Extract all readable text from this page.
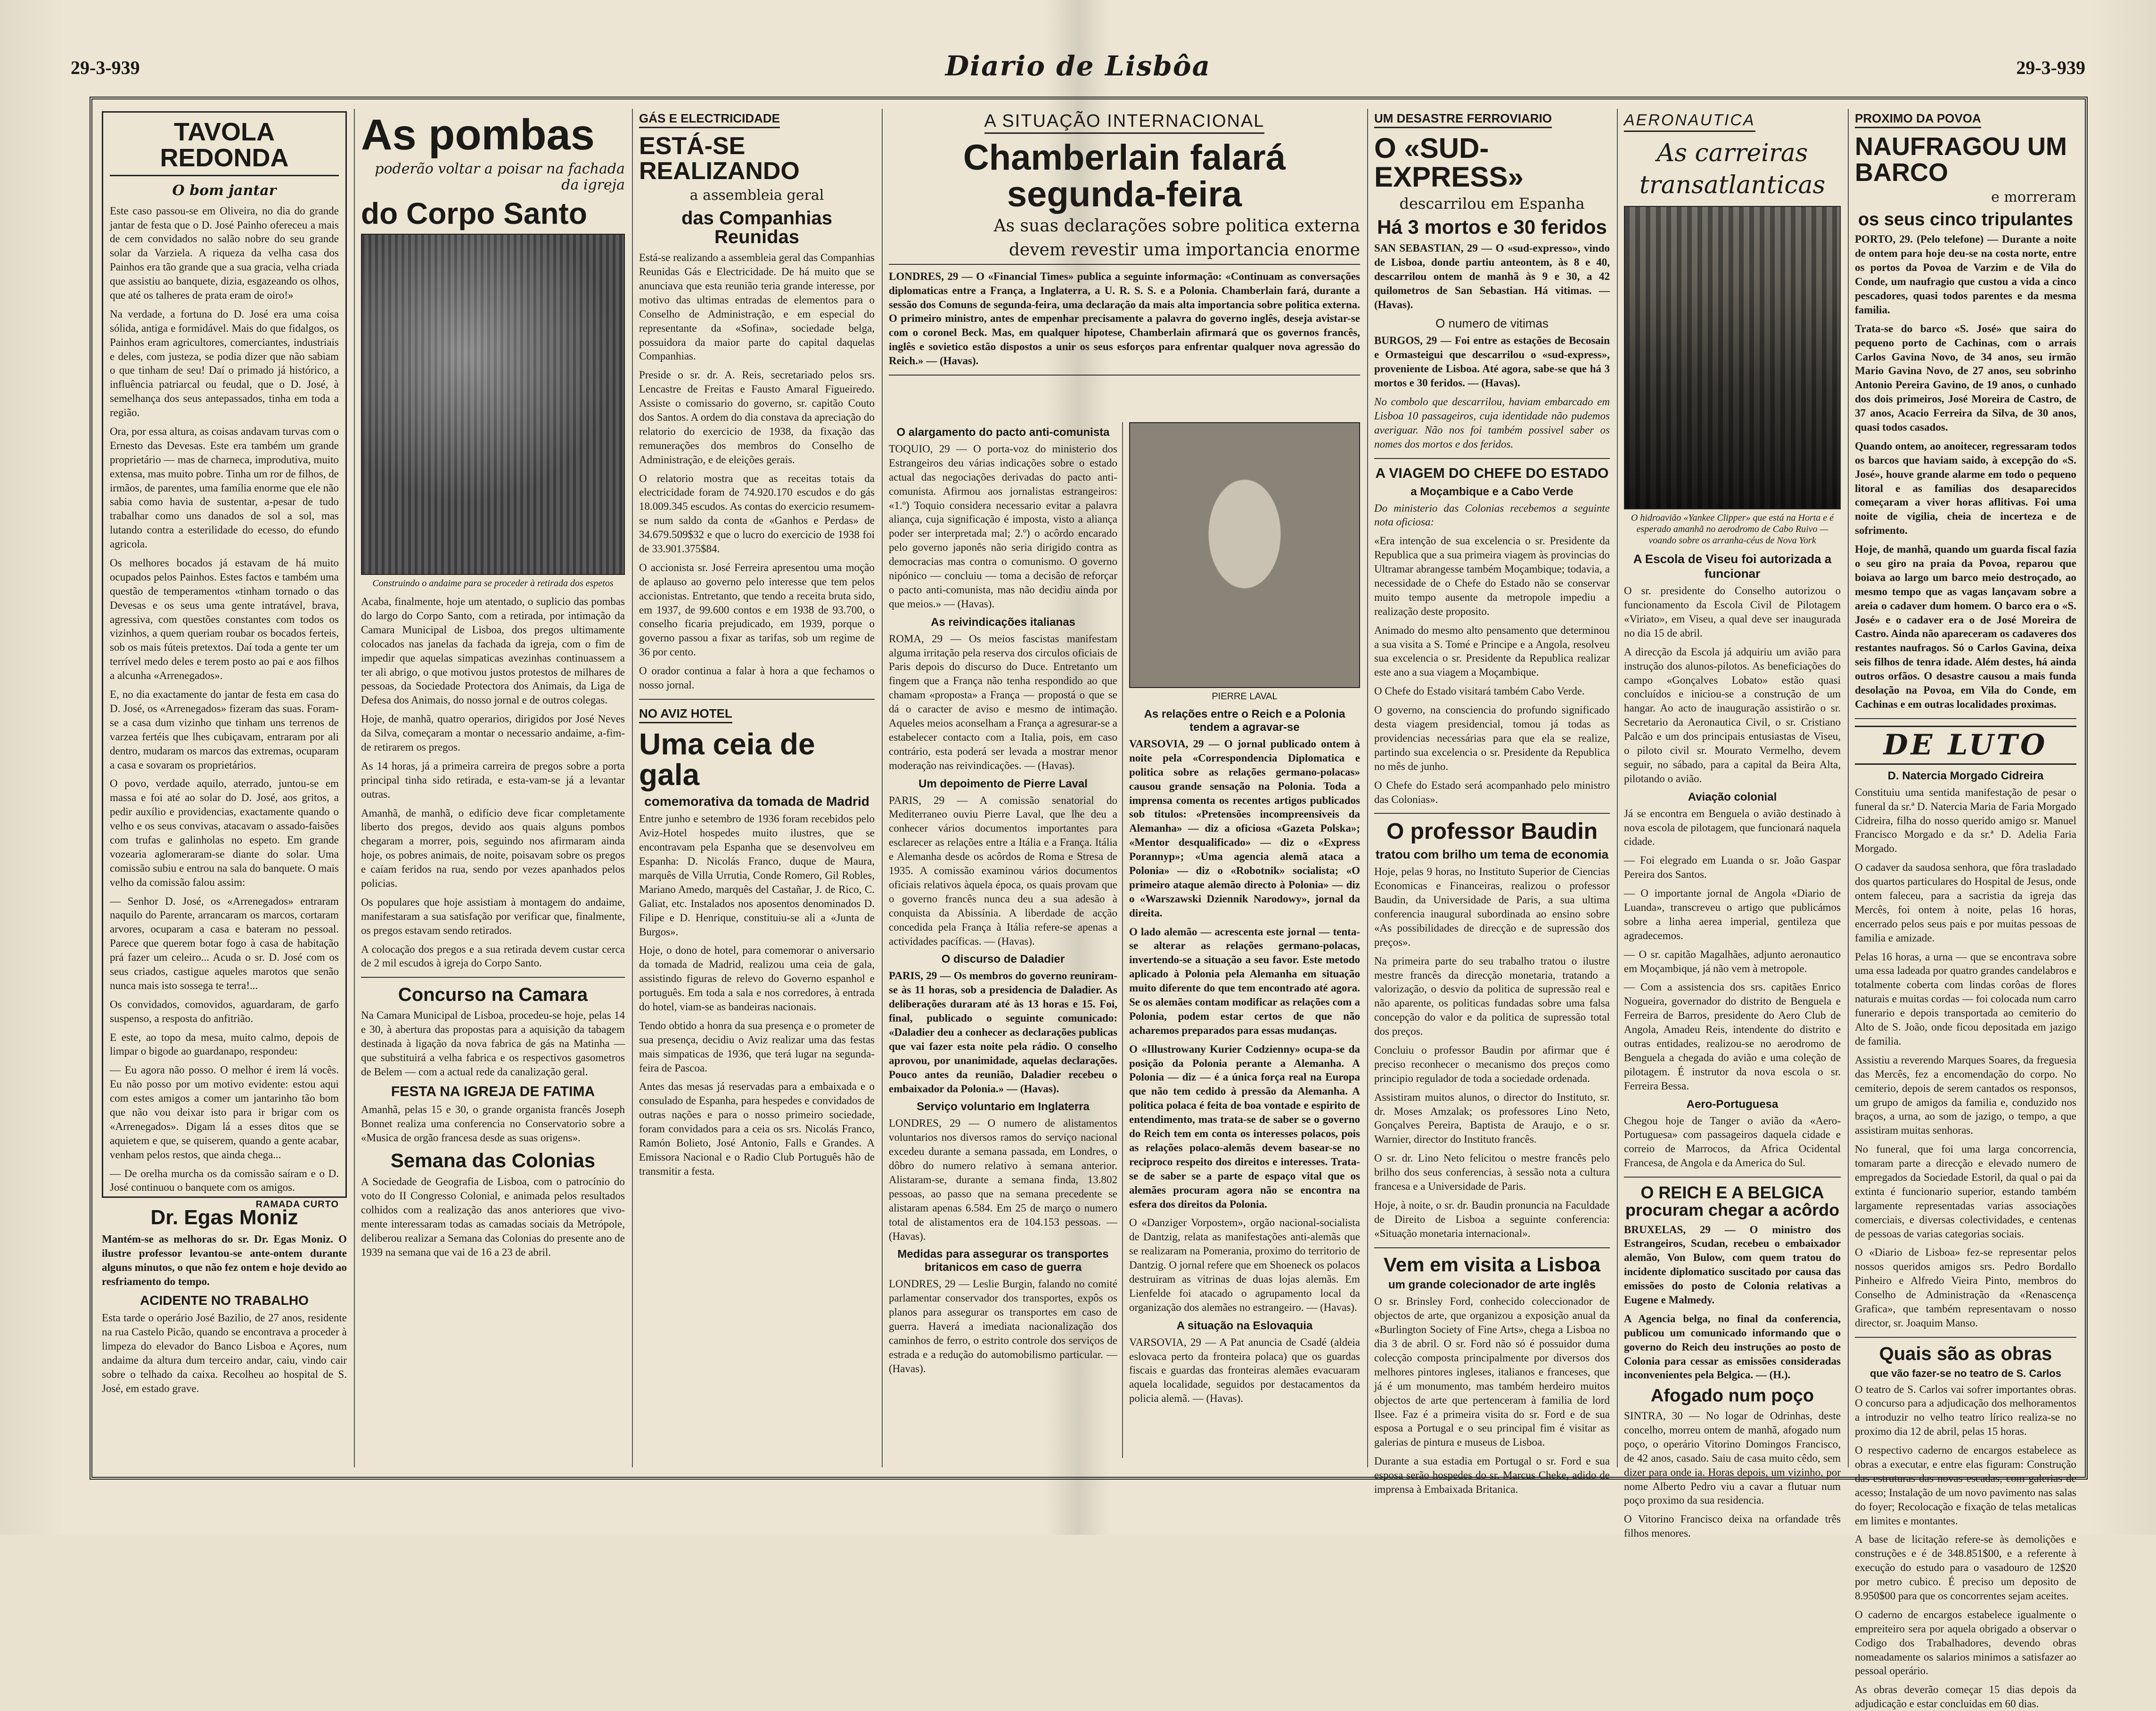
29-3-939	Diario de Lisbôa	29-3-939
TAVOLA REDONDA
O bom jantar

Este caso passou-se em Oliveira, no dia do grande jantar de festa que o D. José Painho ofereceu a mais de cem convidados no salão nobre do seu grande solar da Varziela. A riqueza da velha casa dos Painhos era tão grande que a sua gracia, velha criada que assistiu ao banquete, dizia, esgazeando os olhos, que até os talheres de prata eram de oiro!»

Na verdade, a fortuna do D. José era uma coisa sólida, antiga e formidável. Mais do que fidalgos, os Painhos eram agricultores, comerciantes, industriais e deles, com justeza, se podia dizer que não sabiam o que tinham de seu! Daí o primado já histórico, a influência patriarcal ou feudal, que o D. José, à semelhança dos seus antepassados, tinha em toda a região.

Ora, por essa altura, as coisas andavam turvas com o Ernesto das Devesas. Este era também um grande proprietário — mas de charneca, improdutiva, muito extensa, mas muito pobre. Tinha um ror de filhos, de irmãos, de parentes, uma família enorme que ele não sabia como havia de sustentar, a-pesar de tudo trabalhar como uns danados de sol a sol, mas lutando contra a esterilidade do ecesso, do efundo agricola.

Os melhores bocados já estavam de há muito ocupados pelos Painhos. Estes factos e também uma questão de temperamentos «tinham tornado o das Devesas e os seus uma gente intratável, brava, agressiva, com questões constantes com todos os vizinhos, a quem queriam roubar os bocados ferteis, sob os mais fúteis pretextos. Daí toda a gente ter um terrível medo deles e terem posto ao pai e aos filhos a alcunha «Arrenegados».

E, no dia exactamente do jantar de festa em casa do D. José, os «Arrenegados» fizeram das suas. Foram-se a casa dum vizinho que tinham uns terrenos de varzea fertéis que lhes cubiçavam, entraram por ali dentro, mudaram os marcos das extremas, ocuparam a casa e sovaram os proprietários.

O povo, verdade aquilo, aterrado, juntou-se em massa e foi até ao solar do D. José, aos gritos, a pedir auxílio e providencias, exactamente quando o velho e os seus convivas, atacavam o assado-faisões com trufas e galinholas no espeto. Em grande vozearia aglomeraram-se diante do solar. Uma comissão subiu e entrou na sala do banquete. O mais velho da comissão falou assim:

— Senhor D. José, os «Arrenegados» entraram naquilo do Parente, arrancaram os marcos, cortaram arvores, ocuparam a casa e bateram no pessoal. Parece que querem botar fogo à casa de habitação prá fazer um celeiro... Acuda o sr. D. José com os seus criados, castigue aqueles marotos que senão nunca mais isto sossega te terra!...

Os convidados, comovidos, aguardaram, de garfo suspenso, a resposta do anfitrião.

E este, ao topo da mesa, muito calmo, depois de limpar o bigode ao guardanapo, respondeu:

— Eu agora não posso. O melhor é irem lá vocês. Eu não posso por um motivo evidente: estou aqui com estes amigos a comer um jantarinho tão bom que não vou deixar isto para ir brigar com os «Arrenegados». Digam lá a esses ditos que se aquietem e que, se quiserem, quando a gente acabar, venham pelos restos, que ainda chega...

— De orelha murcha os da comissão saíram e o D. José continuou o banquete com os amigos.

RAMADA CURTO
Dr. Egas Moniz

Mantém-se as melhoras do sr. Dr. Egas Moniz. O ilustre professor levantou-se ante-ontem durante alguns minutos, o que não fez ontem e hoje devido ao resfriamento do tempo.

ACIDENTE NO TRABALHO

Esta tarde o operário José Bazilio, de 27 anos, residente na rua Castelo Picão, quando se encontrava a proceder à limpeza do elevador do Banco Lisboa e Açores, num andaime da altura dum terceiro andar, caiu, vindo cair sobre o telhado da caixa. Recolheu ao hospital de S. José, em estado grave.

As pombas
poderão voltar a poisar na fachada da igreja
do Corpo Santo
Construindo o andaime para se proceder à retirada dos espetos

Acaba, finalmente, hoje um atentado, o suplicio das pombas do largo do Corpo Santo, com a retirada, por intimação da Camara Municipal de Lisboa, dos pregos ultimamente colocados nas janelas da fachada da igreja, com o fim de impedir que aquelas simpaticas avezinhas continuassem a ter ali abrigo, o que motivou justos protestos de milhares de pessoas, da Sociedade Protectora dos Animais, da Liga de Defesa dos Animais, do nosso jornal e de outros colegas.

Hoje, de manhã, quatro operarios, dirigidos por José Neves da Silva, começaram a montar o necessario andaime, a-fim-de retirarem os pregos.

As 14 horas, já a primeira carreira de pregos sobre a porta principal tinha sido retirada, e esta-vam-se já a levantar outras.

Amanhã, de manhã, o edifício deve ficar completamente liberto dos pregos, devido aos quais alguns pombos chegaram a morrer, pois, seguindo nos afirmaram ainda hoje, os pobres animais, de noite, poisavam sobre os pregos e caíam feridos na rua, sendo por vezes apanhados pelos policias.

Os populares que hoje assistiam à montagem do andaime, manifestaram a sua satisfação por verificar que, finalmente, os pregos estavam sendo retirados.

A colocação dos pregos e a sua retirada devem custar cerca de 2 mil escudos à igreja do Corpo Santo.

Concurso na Camara

Na Camara Municipal de Lisboa, procedeu-se hoje, pelas 14 e 30, à abertura das propostas para a aquisição da tabagem destinada à ligação da nova fabrica de gás na Matinha — que substituirá a velha fabrica e os respectivos gasometros de Belem — com a actual rede da canalização geral.

FESTA NA IGREJA DE FATIMA

Amanhã, pelas 15 e 30, o grande organista francês Joseph Bonnet realiza uma conferencia no Conservatorio sobre a «Musica de orgão francesa desde as suas origens».

Semana das Colonias

A Sociedade de Geografia de Lisboa, com o patrocínio do voto do II Congresso Colonial, e animada pelos resultados colhidos com a realização das anos anteriores que vivo-mente interessaram todas as camadas sociais da Metrópole, deliberou realizar a Semana das Colonias do presente ano de 1939 na semana que vai de 16 a 23 de abril.

GÁS E ELECTRICIDADE
ESTÁ-SE REALIZANDO
a assembleia geral
das Companhias Reunidas

Está-se realizando a assembleia geral das Companhias Reunidas Gás e Electricidade. De há muito que se anunciava que esta reunião teria grande interesse, por motivo das ultimas entradas de elementos para o Conselho de Administração, e em especial do representante da «Sofina», sociedade belga, possuidora da maior parte do capital daquelas Companhias.

Preside o sr. dr. A. Reis, secretariado pelos srs. Lencastre de Freitas e Fausto Amaral Figueiredo. Assiste o comissario do governo, sr. capitão Couto dos Santos. A ordem do dia constava da apreciação do relatorio do exercicio de 1938, da fixação das remunerações dos membros do Conselho de Administração, e de eleições gerais.

O relatorio mostra que as receitas totais da electricidade foram de 74.920.170 escudos e do gás 18.009.345 escudos. As contas do exercicio resumem-se num saldo da conta de «Ganhos e Perdas» de 34.679.509$32 e que o lucro do exercicio de 1938 foi de 33.901.375$84.

O accionista sr. José Ferreira apresentou uma moção de aplauso ao governo pelo interesse que tem pelos accionistas. Entretanto, que tendo a receita bruta sido, em 1937, de 99.600 contos e em 1938 de 93.700, o conselho ficaria prejudicado, em 1939, porque o governo passou a fixar as tarifas, sob um regime de 36 por cento.

O orador continua a falar à hora a que fechamos o nosso jornal.

NO AVIZ HOTEL
Uma ceia de gala
comemorativa da tomada de Madrid

Entre junho e setembro de 1936 foram recebidos pelo Aviz-Hotel hospedes muito ilustres, que se encontravam pela Espanha que se desenvolveu em Espanha: D. Nicolás Franco, duque de Maura, marquês de Villa Urrutia, Conde Romero, Gil Robles, Mariano Amedo, marquês del Castañar, J. de Rico, C. Galiat, etc. Instalados nos aposentos denominados D. Filipe e D. Henrique, constituiu-se ali a «Junta de Burgos».

Hoje, o dono de hotel, para comemorar o aniversario da tomada de Madrid, realizou uma ceia de gala, assistindo figuras de relevo do Governo espanhol e português. Em toda a sala e nos corredores, à entrada do hotel, viam-se as bandeiras nacionais.

Tendo obtido a honra da sua presença e o prometer de sua presença, decidiu o Aviz realizar uma das festas mais simpaticas de 1936, que terá lugar na segunda-feira de Pascoa.

Antes das mesas já reservadas para a embaixada e o consulado de Espanha, para hespedes e convidados de outras nações e para o nosso primeiro sociedade, foram convidados para a ceia os srs. Nicolás Franco, Ramón Bolieto, José Antonio, Falls e Grandes. A Emissora Nacional e o Radio Club Português hão de transmitir a festa.

A SITUAÇÃO INTERNACIONAL
Chamberlain falará segunda-feira
As suas declarações sobre politica externa
devem revestir uma importancia enorme

LONDRES, 29 — O «Financial Times» publica a seguinte informação: «Continuam as conversações diplomaticas entre a França, a Inglaterra, a U. R. S. S. e a Polonia. Chamberlain fará, durante a sessão dos Comuns de segunda-feira, uma declaração da mais alta importancia sobre politica externa. O primeiro ministro, antes de empenhar precisamente a palavra do governo inglês, deseja avistar-se com o coronel Beck. Mas, em qualquer hipotese, Chamberlain afirmará que os governos francês, inglês e sovietico estão dispostos a unir os seus esforços para enfrentar qualquer nova agressão do Reich.» — (Havas).

O alargamento do pacto anti-comunista

TOQUIO, 29 — O porta-voz do ministerio dos Estrangeiros deu várias indicações sobre o estado actual das negociações derivadas do pacto anti-comunista. Afirmou aos jornalistas estrangeiros: «1.º) Toquio considera necessario evitar a palavra aliança, cuja significação é imposta, visto a aliança poder ser interpretada mal; 2.º) o acôrdo encarado pelo governo japonês não seria dirigido contra as democracias mas contra o comunismo. O governo nipónico — concluiu — toma a decisão de reforçar o pacto anti-comunista, mas não decidiu ainda por que meios.» — (Havas).

As reivindicações italianas

ROMA, 29 — Os meios fascistas manifestam alguma irritação pela reserva dos circulos oficiais de Paris depois do discurso do Duce. Entretanto um fingem que a França não tenha respondido ao que chamam «proposta» a França — propostá o que se dá o caracter de aviso e mesmo de intimação. Aqueles meios aconselham a França a agresurar-se a estabelecer contacto com a Italia, pois, em caso contrário, esta poderá ser levada a mostrar menor moderação nas reivindicações. — (Havas).

Um depoimento de Pierre Laval

PARIS, 29 — A comissão senatorial do Mediterraneo ouviu Pierre Laval, que lhe deu a conhecer vários documentos importantes para esclarecer as relações entre a Itália e a França. Itália e Alemanha desde os acôrdos de Roma e Stresa de 1935. A comissão examinou vários documentos oficiais relativos àquela época, os quais provam que o governo francês nunca deu a sua adesão à conquista da Abissínia. A liberdade de acção concedida pela França à Itália refere-se apenas a actividades pacíficas. — (Havas).

O discurso de Daladier

PARIS, 29 — Os membros do governo reuniram-se às 11 horas, sob a presidencia de Daladier. As deliberações duraram até às 13 horas e 15. Foi, final, publicado o seguinte comunicado: «Daladier deu a conhecer as declarações publicas que vai fazer esta noite pela rádio. O conselho aprovou, por unanimidade, aquelas declarações. Pouco antes da reunião, Daladier recebeu o embaixador da Polonia.» — (Havas).

Serviço voluntario em Inglaterra

LONDRES, 29 — O numero de alistamentos voluntarios nos diversos ramos do serviço nacional excedeu durante a semana passada, em Londres, o dôbro do numero relativo à semana anterior. Alistaram-se, durante a semana finda, 13.802 pessoas, ao passo que na semana precedente se alistaram apenas 6.584. Em 25 de março o numero total de alistamentos era de 104.153 pessoas. — (Havas).

Medidas para assegurar os transportes britanicos em caso de guerra

LONDRES, 29 — Leslie Burgin, falando no comité parlamentar conservador dos transportes, expôs os planos para assegurar os transportes em caso de guerra. Haverá a imediata nacionalização dos caminhos de ferro, o estrito controle dos serviços de estrada e a redução do automobilismo particular. — (Havas).

PIERRE LAVAL
As relações entre o Reich e a Polonia tendem a agravar-se

VARSOVIA, 29 — O jornal publicado ontem à noite pela «Correspondencia Diplomatica e politica sobre as relações germano-polacas» causou grande sensação na Polonia. Toda a imprensa comenta os recentes artigos publicados sob titulos: «Pretensões incompreensiveis da Alemanha» — diz a oficiosa «Gazeta Polska»; «Mentor desqualificado» — diz o «Express Porannyp»; «Uma agencia alemã ataca a Polonia» — diz o «Robotnik» socialista; «O primeiro ataque alemão directo à Polonia» — diz o «Warszawski Dziennik Narodowy», jornal da direita.

O lado alemão — acrescenta este jornal — tenta-se alterar as relações germano-polacas, invertendo-se a situação a seu favor. Este metodo aplicado à Polonia pela Alemanha em situação muito diferente do que tem encontrado até agora. Se os alemães contam modificar as relações com a Polonia, podem estar certos de que não acharemos preparados para essas mudanças.

O «Illustrowany Kurier Codzienny» ocupa-se da posição da Polonia perante a Alemanha. A Polonia — diz — é a única força real na Europa que não tem cedido à pressão da Alemanha. A politica polaca é feita de boa vontade e espirito de entendimento, mas trata-se de saber se o governo do Reich tem em conta os interesses polacos, pois as relações polaco-alemãs devem basear-se no reciproco respeito dos direitos e interesses. Trata-se de saber se a parte de espaço vital que os alemães procuram agora não se encontra na esfera dos direitos da Polonia.

O «Danziger Vorpostem», orgão nacional-socialista de Dantzig, relata as manifestações anti-alemãs que se realizaram na Pomerania, proximo do territorio de Dantzig. O jornal refere que em Shoeneck os polacos destruiram as vitrinas de duas lojas alemãs. Em Lienfelde foi atacado o agrupamento local da organização dos alemães no estrangeiro. — (Havas).

A situação na Eslovaquia

VARSOVIA, 29 — A Pat anuncia de Csadé (aldeia eslovaca perto da fronteira polaca) que os guardas fiscais e guardas das fronteiras alemães evacuaram aquela localidade, seguidos por destacamentos da policia alemã. — (Havas).

UM DESASTRE FERROVIARIO
O «SUD-EXPRESS»
descarrilou em Espanha
Há 3 mortos e 30 feridos

SAN SEBASTIAN, 29 — O «sud-expresso», vindo de Lisboa, donde partiu anteontem, às 8 e 40, descarrilou ontem de manhã às 9 e 30, a 42 quilometros de San Sebastian. Há vitimas. — (Havas).

O numero de vitimas

BURGOS, 29 — Foi entre as estações de Becosain e Ormasteigui que descarrilou o «sud-express», proveniente de Lisboa. Até agora, sabe-se que há 3 mortos e 30 feridos. — (Havas).

No combolo que descarrilou, haviam embarcado em Lisboa 10 passageiros, cuja identidade não pudemos averiguar. Não nos foi também possivel saber os nomes dos mortos e dos feridos.

A VIAGEM DO CHEFE DO ESTADO
a Moçambique e a Cabo Verde

Do ministerio das Colonias recebemos a seguinte nota oficiosa:

«Era intenção de sua excelencia o sr. Presidente da Republica que a sua primeira viagem às provincias do Ultramar abrangesse também Moçambique; todavia, a necessidade de o Chefe do Estado não se conservar muito tempo ausente da metropole impediu a realização deste proposito.

Animado do mesmo alto pensamento que determinou a sua visita a S. Tomé e Principe e a Angola, resolveu sua excelencia o sr. Presidente da Republica realizar este ano a sua viagem a Moçambique.

O Chefe do Estado visitará também Cabo Verde.

O governo, na consciencia do profundo significado desta viagem presidencial, tomou já todas as providencias necessárias para que ela se realize, partindo sua excelencia o sr. Presidente da Republica no mês de junho.

O Chefe do Estado será acompanhado pelo ministro das Colonias».

O professor Baudin
tratou com brilho um tema de economia

Hoje, pelas 9 horas, no Instituto Superior de Ciencias Economicas e Financeiras, realizou o professor Baudin, da Universidade de Paris, a sua ultima conferencia inaugural subordinada ao ensino sobre «As possibilidades de direcção e de supressão dos preços».

Na primeira parte do seu trabalho tratou o ilustre mestre francês da direcção monetaria, tratando a valorização, o desvio da politica de supressão real e não aparente, os politicas fundadas sobre uma falsa concepção do valor e da politica de supressão total dos preços.

Concluiu o professor Baudin por afirmar que é preciso reconhecer o mecanismo dos preços como principio regulador de toda a sociedade ordenada.

Assistiram muitos alunos, o director do Instituto, sr. dr. Moses Amzalak; os professores Lino Neto, Gonçalves Pereira, Baptista de Araujo, e o sr. Warnier, director do Instituto francês.

O sr. dr. Lino Neto felicitou o mestre francês pelo brilho dos seus conferencias, à sessão nota a cultura francesa e a Universidade de Paris.

Hoje, à noite, o sr. dr. Baudin pronuncia na Faculdade de Direito de Lisboa a seguinte conferencia: «Situação monetaria internacional».

Vem em visita a Lisboa
um grande colecionador de arte inglês

O sr. Brinsley Ford, conhecido coleccionador de objectos de arte, que organizou a exposição anual da «Burlington Society of Fine Arts», chega a Lisboa no dia 3 de abril. O sr. Ford não só é possuidor duma colecção composta principalmente por diversos dos melhores pintores ingleses, italianos e franceses, que já é um monumento, mas também herdeiro muitos objectos de arte que pertenceram à familia de lord Ilsee. Faz é a primeira visita do sr. Ford e de sua esposa a Portugal e o seu principal fim é visitar as galerias de pintura e museus de Lisboa.

Durante a sua estadia em Portugal o sr. Ford e sua esposa serão hospedes do sr. Marcus Cheke, adido de imprensa à Embaixada Britanica.

AERONAUTICA
As carreiras transatlanticas
O hidroavião «Yankee Clipper» que está na Horta e é esperado amanhã no aerodromo de Cabo Ruivo — voando sobre os arranha-céus de Nova York
A Escola de Viseu foi autorizada a funcionar

O sr. presidente do Conselho autorizou o funcionamento da Escola Civil de Pilotagem «Viriato», em Viseu, a qual deve ser inaugurada no dia 15 de abril.

A direcção da Escola já adquiriu um avião para instrução dos alunos-pilotos. As beneficiações do campo «Gonçalves Lobato» estão quasi concluídos e iniciou-se a construção de um hangar. Ao acto de inauguração assistirão o sr. Secretario da Aeronautica Civil, o sr. Cristiano Palcão e um dos principais entusiastas de Viseu, o piloto civil sr. Mourato Vermelho, devem seguir, no sábado, para a capital da Beira Alta, pilotando o avião.

Aviação colonial

Já se encontra em Benguela o avião destinado à nova escola de pilotagem, que funcionará naquela cidade.

— Foi elegrado em Luanda o sr. João Gaspar Pereira dos Santos.

— O importante jornal de Angola «Diario de Luanda», transcreveu o artigo que publicámos sobre a linha aerea imperial, gentileza que agradecemos.

— O sr. capitão Magalhães, adjunto aeronautico em Moçambique, já não vem à metropole.

— Com a assistencia dos srs. capitães Enrico Nogueira, governador do distrito de Benguela e Ferreira de Barros, presidente do Aero Club de Angola, Amadeu Reis, intendente do distrito e outras entidades, realizou-se no aerodromo de Benguela a chegada do avião e uma coleção de pilotagem. É instrutor da nova escola o sr. Ferreira Bessa.

Aero-Portuguesa

Chegou hoje de Tanger o avião da «Aero-Portuguesa» com passageiros daquela cidade e correio de Marrocos, da Africa Ocidental Francesa, de Angola e da America do Sul.

O REICH E A BELGICA procuram chegar a acôrdo

BRUXELAS, 29 — O ministro dos Estrangeiros, Scudan, recebeu o embaixador alemão, Von Bulow, com quem tratou do incidente diplomatico suscitado por causa das emissões do posto de Colonia relativas a Eugene e Malmedy.

A Agencia belga, no final da conferencia, publicou um comunicado informando que o governo do Reich deu instruções ao posto de Colonia para cessar as emissões consideradas inconvenientes pela Belgica. — (H.).

Afogado num poço

SINTRA, 30 — No logar de Odrinhas, deste concelho, morreu ontem de manhã, afogado num poço, o operário Vitorino Domingos Francisco, de 42 anos, casado. Saiu de casa muito cêdo, sem dizer para onde ia. Horas depois, um vizinho, por nome Alberto Pedro viu a cavar a flutuar num poço proximo da sua residencia.

O Vitorino Francisco deixa na orfandade três filhos menores.

PROXIMO DA POVOA
NAUFRAGOU UM BARCO
e morreram
os seus cinco tripulantes

PORTO, 29. (Pelo telefone) — Durante a noite de ontem para hoje deu-se na costa norte, entre os portos da Povoa de Varzim e de Vila do Conde, um naufragio que custou a vida a cinco pescadores, quasi todos parentes e da mesma familia.

Trata-se do barco «S. José» que saira do pequeno porto de Cachinas, com o arrais Carlos Gavina Novo, de 34 anos, seu irmão Mario Gavina Novo, de 27 anos, seu sobrinho Antonio Pereira Gavino, de 19 anos, o cunhado dos dois primeiros, José Moreira de Castro, de 37 anos, Acacio Ferreira da Silva, de 30 anos, quasi todos casados.

Quando ontem, ao anoitecer, regressaram todos os barcos que haviam saido, à excepção do «S. José», houve grande alarme em todo o pequeno litoral e as familias dos desaparecidos começaram a viver horas aflitivas. Foi uma noite de vigilia, cheia de incerteza e de sofrimento.

Hoje, de manhã, quando um guarda fiscal fazia o seu giro na praia da Povoa, reparou que boiava ao largo um barco meio destroçado, ao mesmo tempo que as vagas lançavam sobre a areia o cadaver dum homem. O barco era o «S. José» e o cadaver era o de José Moreira de Castro. Ainda não apareceram os cadaveres dos restantes naufragos. Só o Carlos Gavina, deixa seis filhos de tenra idade. Além destes, há ainda outros orfãos. O desastre causou a mais funda desolação na Povoa, em Vila do Conde, em Cachinas e em outras localidades proximas.

DE LUTO
D. Natercia Morgado Cidreira

Constituiu uma sentida manifestação de pesar o funeral da sr.ª D. Natercia Maria de Faria Morgado Cidreira, filha do nosso querido amigo sr. Manuel Francisco Morgado e da sr.ª D. Adelia Faria Morgado.

O cadaver da saudosa senhora, que fôra trasladado dos quartos particulares do Hospital de Jesus, onde ontem faleceu, para a sacristia da igreja das Mercês, foi ontem à noite, pelas 16 horas, encerrado pelos seus pais e por muitas pessoas de familia e amizade.

Pelas 16 horas, a urna — que se encontrava sobre uma essa ladeada por quatro grandes candelabros e totalmente coberta com lindas corôas de flores naturais e muitas cordas — foi colocada num carro funerario e depois transportada ao cemiterio do Alto de S. João, onde ficou depositada em jazigo de familia.

Assistiu a reverendo Marques Soares, da freguesia das Mercês, fez a encomendação do corpo. No cemiterio, depois de serem cantados os responsos, um grupo de amigos da familia e, conduzido nos braços, a urna, ao som de jazigo, o tempo, a que assistiram muitas senhoras.

No funeral, que foi uma larga concorrencia, tomaram parte a direcção e elevado numero de empregados da Sociedade Estoril, da qual o pai da extinta é funcionario superior, estando também largamente representadas varias associações comerciais, e diversas colectividades, e centenas de pessoas de varias categorias sociais.

O «Diario de Lisboa» fez-se representar pelos nossos queridos amigos srs. Pedro Bordallo Pinheiro e Alfredo Vieira Pinto, membros do Conselho de Administração da «Renascença Grafica», que também representavam o nosso director, sr. Joaquim Manso.

Quais são as obras
que vão fazer-se no teatro de S. Carlos

O teatro de S. Carlos vai sofrer importantes obras. O concurso para a adjudicação dos melhoramentos a introduzir no velho teatro lírico realiza-se no proximo dia 12 de abril, pelas 15 horas.

O respectivo caderno de encargos estabelece as obras a executar, e entre elas figuram: Construção das estruturas das novas escadas, com galerias de acesso; Instalação de um novo pavimento nas salas do foyer; Recolocação e fixação de telas metalicas em limites e montantes.

A base de licitação refere-se às demolições e construções e é de 348.851$00, e a referente à execução do estudo para o vasadouro de 12$20 por metro cubico. É preciso um deposito de 8.950$00 para que os concorrentes sejam aceites.

O caderno de encargos estabelece igualmente o empreiteiro sera por aquela obrigado a observar o Codigo dos Trabalhadores, devendo obras nomeadamente os salarios minimos a satisfazer ao pessoal operário.

As obras deverão começar 15 dias depois da adjudicação e estar concluidas em 60 dias.
